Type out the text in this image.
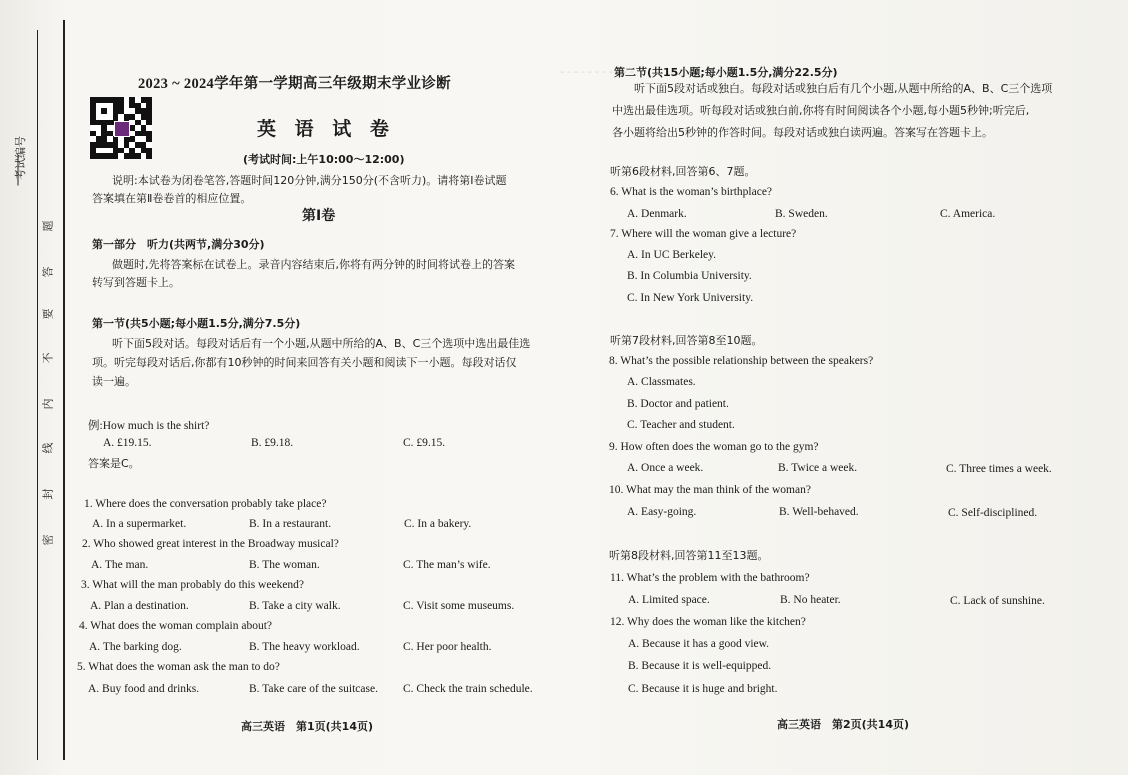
- - - - - - - - - - -
考试编号
题
答
要
不
内
线
封
密
2023 ~ 2024学年第一学期高三年级期末学业诊断
英 语 试 卷
(考试时间:上午10:00～12:00)
说明:本试卷为闭卷笔答,答题时间120分钟,满分150分(不含听力)。请将第Ⅰ卷试题
答案填在第Ⅱ卷卷首的相应位置。
第Ⅰ卷
第一部分　听力(共两节,满分30分)
做题时,先将答案标在试卷上。录音内容结束后,你将有两分钟的时间将试卷上的答案
转写到答题卡上。
第一节(共5小题;每小题1.5分,满分7.5分)
听下面5段对话。每段对话后有一个小题,从题中所给的A、B、C三个选项中选出最佳选
项。听完每段对话后,你都有10秒钟的时间来回答有关小题和阅读下一小题。每段对话仅
读一遍。
例:How much is the shirt?
A. £19.15.	B. £9.18.	C. £9.15.
答案是C。
1. Where does the conversation probably take place?
A. In a supermarket.	B. In a restaurant.	C. In a bakery.
2. Who showed great interest in the Broadway musical?
A. The man.	B. The woman.	C. The man’s wife.
3. What will the man probably do this weekend?
A. Plan a destination.	B. Take a city walk.	C. Visit some museums.
4. What does the woman complain about?
A. The barking dog.	B. The heavy workload.	C. Her poor health.
5. What does the woman ask the man to do?
A. Buy food and drinks.	B. Take care of the suitcase. C. Check the train schedule.
高三英语　第1页(共14页)
第二节(共15小题;每小题1.5分,满分22.5分)
听下面5段对话或独白。每段对话或独白后有几个小题,从题中所给的A、B、C三个选项
中选出最佳选项。听每段对话或独白前,你将有时间阅读各个小题,每小题5秒钟;听完后,
各小题将给出5秒钟的作答时间。每段对话或独白读两遍。答案写在答题卡上。
听第6段材料,回答第6、7题。
6. What is the woman’s birthplace?
A. Denmark.	B. Sweden.	C. America.
7. Where will the woman give a lecture?
A. In UC Berkeley.
B. In Columbia University.
C. In New York University.
听第7段材料,回答第8至10题。
8. What’s the possible relationship between the speakers?
A. Classmates.
B. Doctor and patient.
C. Teacher and student.
9. How often does the woman go to the gym?
A. Once a week.	B. Twice a week.	C. Three times a week.
10. What may the man think of the woman?
A. Easy-going.	B. Well-behaved.	C. Self-disciplined.
听第8段材料,回答第11至13题。
11. What’s the problem with the bathroom?
A. Limited space.	B. No heater.	C. Lack of sunshine.
12. Why does the woman like the kitchen?
A. Because it has a good view.
B. Because it is well-equipped.
C. Because it is huge and bright.
高三英语　第2页(共14页)
